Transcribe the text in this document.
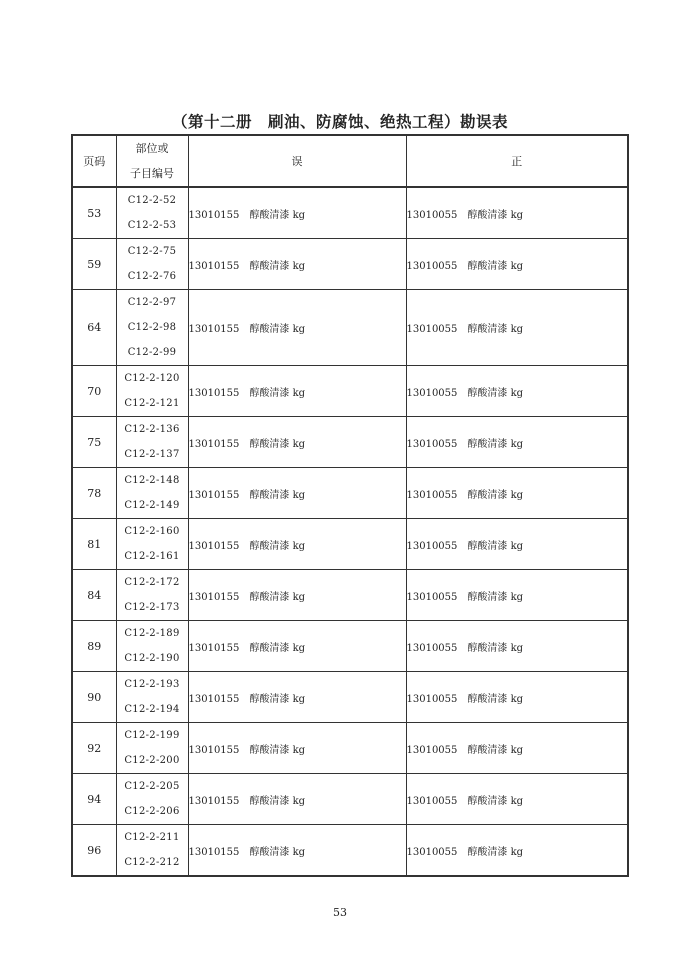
（第十二册　刷油、防腐蚀、绝热工程）勘误表
页码	部位或
子目编号	误	正
53	C12-2-52
C12-2-53	13010155　醇酸清漆 kg	13010055　醇酸清漆 kg
59	C12-2-75
C12-2-76	13010155　醇酸清漆 kg	13010055　醇酸清漆 kg
64	C12-2-97
C12-2-98
C12-2-99	13010155　醇酸清漆 kg	13010055　醇酸清漆 kg
70	C12-2-120
C12-2-121	13010155　醇酸清漆 kg	13010055　醇酸清漆 kg
75	C12-2-136
C12-2-137	13010155　醇酸清漆 kg	13010055　醇酸清漆 kg
78	C12-2-148
C12-2-149	13010155　醇酸清漆 kg	13010055　醇酸清漆 kg
81	C12-2-160
C12-2-161	13010155　醇酸清漆 kg	13010055　醇酸清漆 kg
84	C12-2-172
C12-2-173	13010155　醇酸清漆 kg	13010055　醇酸清漆 kg
89	C12-2-189
C12-2-190	13010155　醇酸清漆 kg	13010055　醇酸清漆 kg
90	C12-2-193
C12-2-194	13010155　醇酸清漆 kg	13010055　醇酸清漆 kg
92	C12-2-199
C12-2-200	13010155　醇酸清漆 kg	13010055　醇酸清漆 kg
94	C12-2-205
C12-2-206	13010155　醇酸清漆 kg	13010055　醇酸清漆 kg
96	C12-2-211
C12-2-212	13010155　醇酸清漆 kg	13010055　醇酸清漆 kg
53
